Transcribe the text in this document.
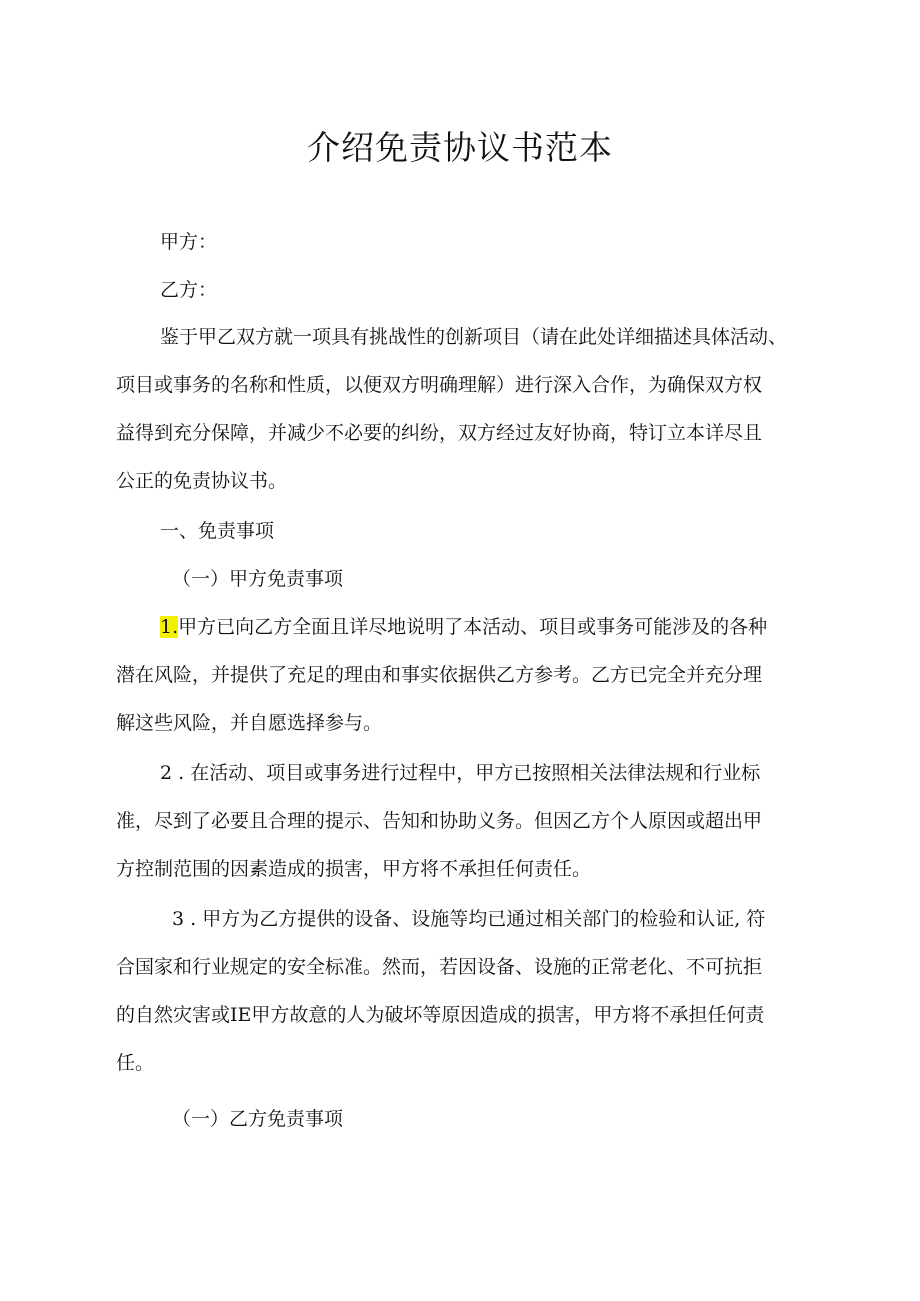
介绍免责协议书范本
甲方：
乙方：
鉴于甲乙双方就一项具有挑战性的创新项目（请在此处详细描述具体活动、
项目或事务的名称和性质，以便双方明确理解）进行深入合作，为确保双方权
益得到充分保障，并减少不必要的纠纷，双方经过友好协商，特订立本详尽且
公正的免责协议书。
一、免责事项
（一）甲方免责事项
1.甲方已向乙方全面且详尽地说明了本活动、项目或事务可能涉及的各种
潜在风险，并提供了充足的理由和事实依据供乙方参考。乙方已完全并充分理
解这些风险，并自愿选择参与。
2 . 在活动、项目或事务进行过程中，甲方已按照相关法律法规和行业标
准，尽到了必要且合理的提示、告知和协助义务。但因乙方个人原因或超出甲
方控制范围的因素造成的损害，甲方将不承担任何责任。
3 . 甲方为乙方提供的设备、设施等均已通过相关部门的检验和认证, 符
合国家和行业规定的安全标准。然而，若因设备、设施的正常老化、不可抗拒
的自然灾害或IE甲方故意的人为破坏等原因造成的损害，甲方将不承担任何责
任。
（一）乙方免责事项
